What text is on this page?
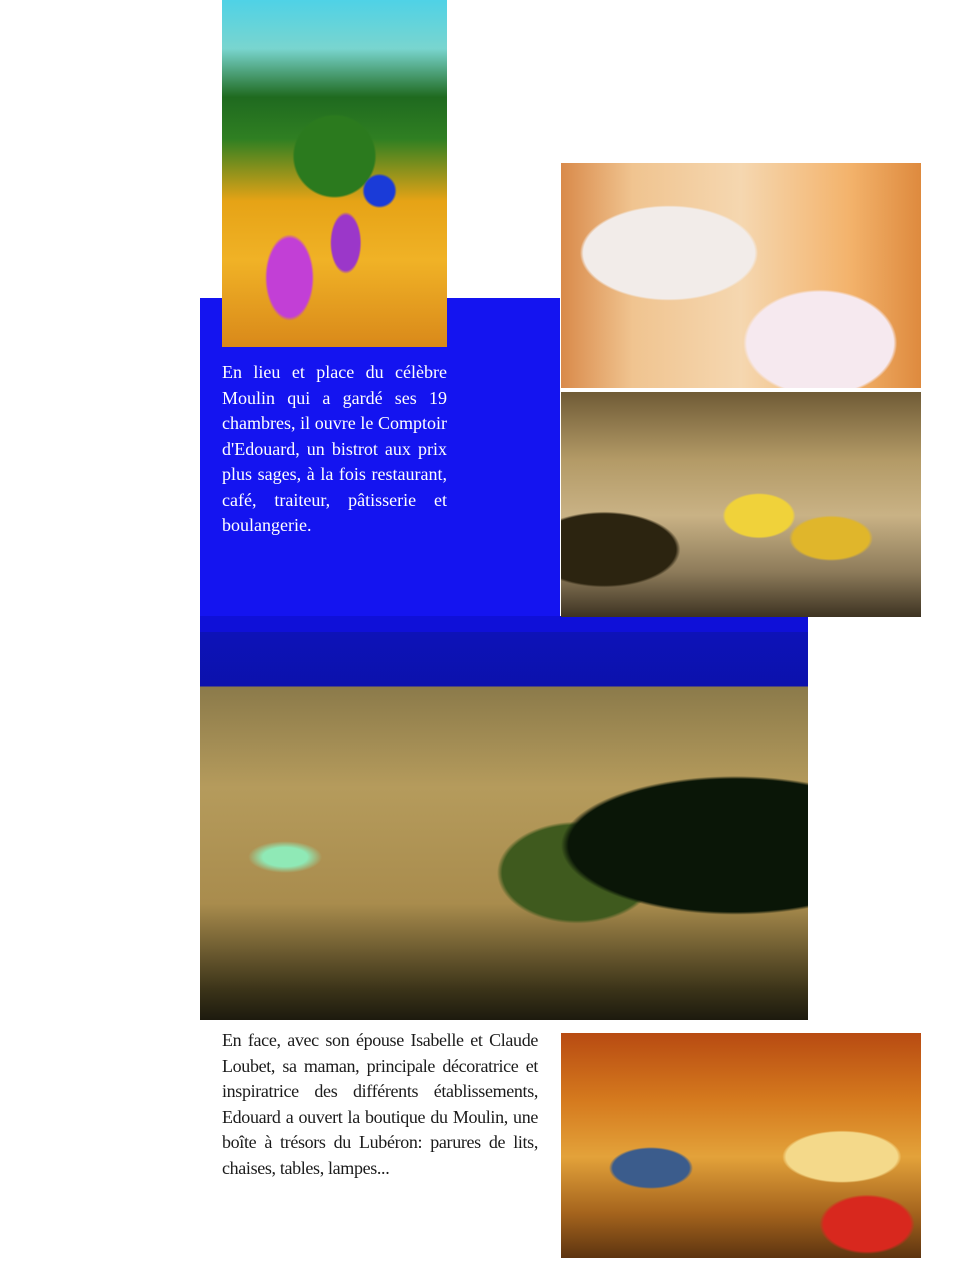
En lieu et place du célèbre Moulin qui a gardé ses 19 chambres, il ouvre le Comptoir d'Edouard, un bistrot aux prix plus sages, à la fois restaurant, café, traiteur, pâtisserie et boulangerie.

En face, avec son épouse Isabelle et Claude Loubet, sa maman, principale décoratrice et inspiratrice des différents établissements, Edouard a ouvert la boutique du Moulin, une boîte à trésors du Lubéron: parures de lits, chaises, tables, lampes...
